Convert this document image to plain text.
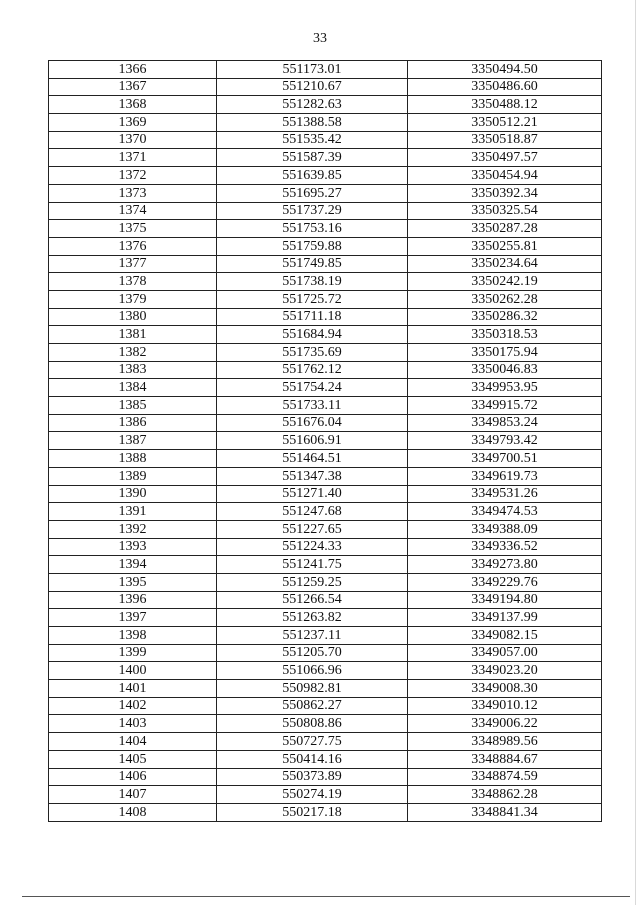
33
1366	551173.01	3350494.50
1367	551210.67	3350486.60
1368	551282.63	3350488.12
1369	551388.58	3350512.21
1370	551535.42	3350518.87
1371	551587.39	3350497.57
1372	551639.85	3350454.94
1373	551695.27	3350392.34
1374	551737.29	3350325.54
1375	551753.16	3350287.28
1376	551759.88	3350255.81
1377	551749.85	3350234.64
1378	551738.19	3350242.19
1379	551725.72	3350262.28
1380	551711.18	3350286.32
1381	551684.94	3350318.53
1382	551735.69	3350175.94
1383	551762.12	3350046.83
1384	551754.24	3349953.95
1385	551733.11	3349915.72
1386	551676.04	3349853.24
1387	551606.91	3349793.42
1388	551464.51	3349700.51
1389	551347.38	3349619.73
1390	551271.40	3349531.26
1391	551247.68	3349474.53
1392	551227.65	3349388.09
1393	551224.33	3349336.52
1394	551241.75	3349273.80
1395	551259.25	3349229.76
1396	551266.54	3349194.80
1397	551263.82	3349137.99
1398	551237.11	3349082.15
1399	551205.70	3349057.00
1400	551066.96	3349023.20
1401	550982.81	3349008.30
1402	550862.27	3349010.12
1403	550808.86	3349006.22
1404	550727.75	3348989.56
1405	550414.16	3348884.67
1406	550373.89	3348874.59
1407	550274.19	3348862.28
1408	550217.18	3348841.34
